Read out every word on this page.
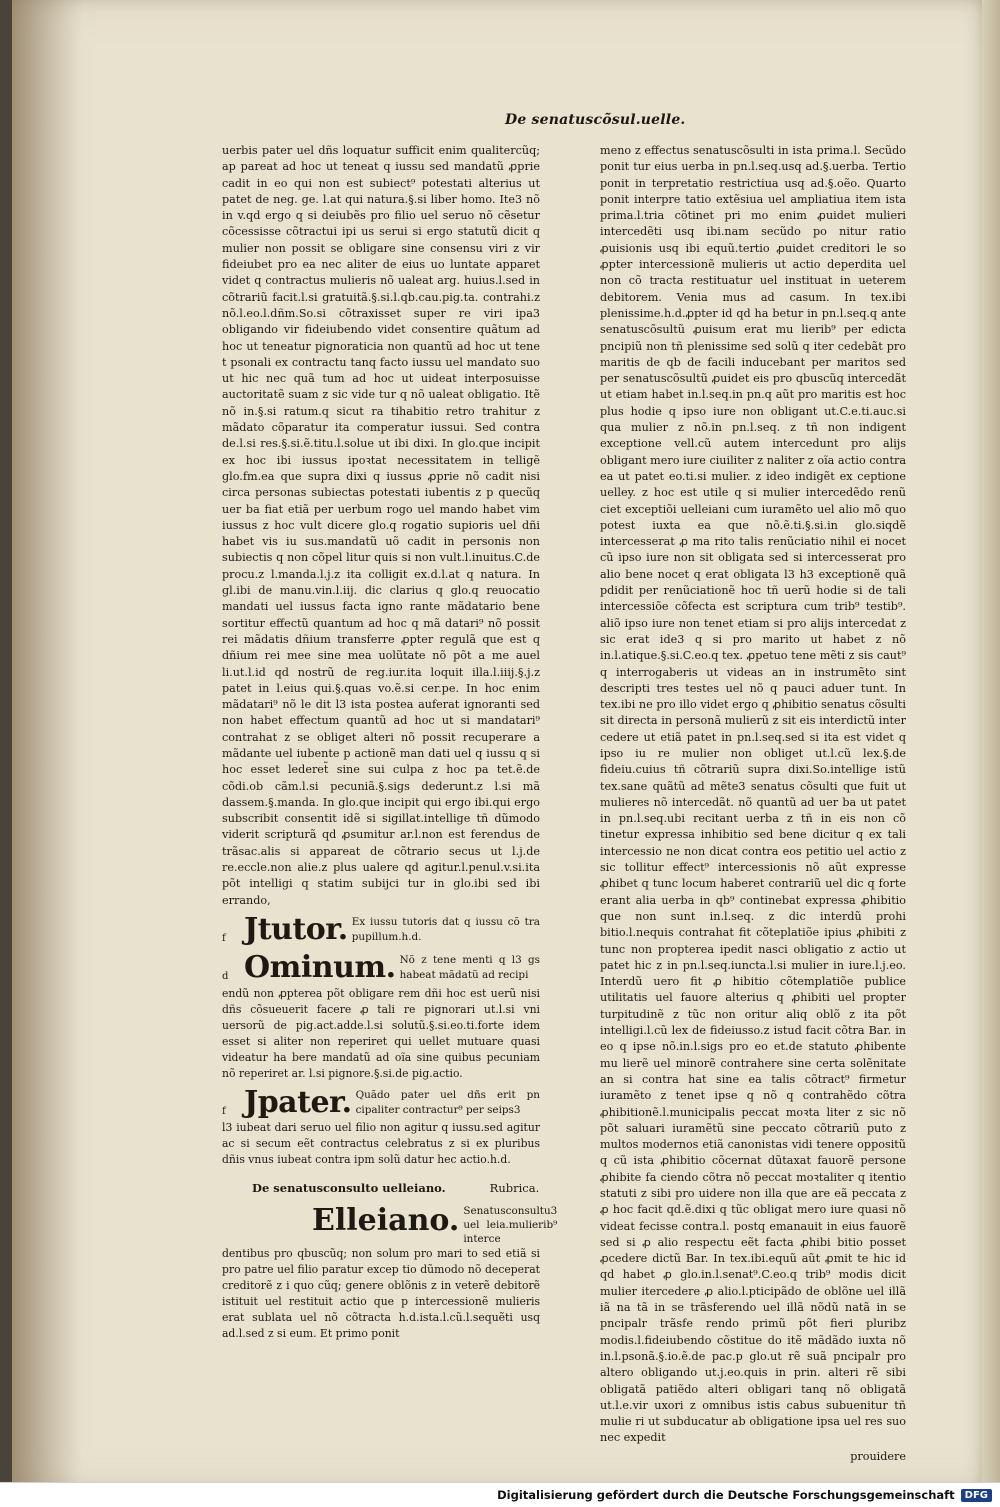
De senatuscõsul.uelle.

uerbis pater uel dñs loquatur sufficit enim qualitercũq; ap pareat ad hoc ut teneat q iussu sed mandatũ ꝓprie cadit in eo qui non est subiect⁹ potestati alterius ut patet de neg. ge. l.at qui natura.§.si liber homo. Ite3 nõ in v.qd ergo q si deiubẽs pro filio uel seruo nõ cẽsetur cõcessisse cõtractui ipi us serui si ergo statutũ dicit q mulier non possit se obligare sine consensu viri z vir fideiubet pro ea nec aliter de eius uo luntate apparet videt q contractus mulieris nõ ualeat arg. huius.l.sed in cõtrariũ facit.l.si gratuitã.§.si.l.qb.cau.pig.ta. contrahi.z nõ.l.eo.l.dñm.So.si cõtraxisset super re viri ipa3 obligando vir fideiubendo videt consentire quãtum ad hoc ut teneatur pignoraticia non quantũ ad hoc ut tene t psonali ex contractu tanq facto iussu uel mandato suo ut hic nec quã tum ad hoc ut uideat interposuisse auctoritatẽ suam z sic vide tur q nõ ualeat obligatio. Itẽ nõ in.§.si ratum.q sicut ra tihabitio retro trahitur z mãdato cõparatur ita comperatur iussui. Sed contra de.l.si res.§.si.ẽ.titu.l.solue ut ibi dixi. In glo.que incipit ex hoc ibi iussus ipoꝛtat necessitatem in telligẽ glo.fm.ea que supra dixi q iussus ꝓprie nõ cadit nisi circa personas subiectas potestati iubentis z p quecũq uer ba fiat etiã per uerbum rogo uel mando habet vim iussus z hoc vult dicere glo.q rogatio supioris uel dñi habet vis iu sus.mandatũ uõ cadit in personis non subiectis q non cõpel litur quis si non vult.l.inuitus.C.de procu.z l.manda.l.j.z ita colligit ex.d.l.at q natura. In gl.ibi de manu.vin.l.iij. dic clarius q glo.q reuocatio mandati uel iussus facta igno rante mãdatario bene sortitur effectũ quantum ad hoc q mã datari⁹ nõ possit rei mãdatis dñium transferre ꝓpter regulã que est q dñium rei mee sine mea uolũtate nõ põt a me auel li.ut.l.id qd nostrũ de reg.iur.ita loquit illa.l.iiij.§.j.z patet in l.eius qui.§.quas vo.ẽ.si cer.pe. In hoc enim mãdatari⁹ nõ le dit l3 ista postea auferat ignoranti sed non habet effectum quantũ ad hoc ut si mandatari⁹ contrahat z se obliget alteri nõ possit recuperare a mãdante uel iubente p actionẽ man dati uel q iussu q si hoc esset lederet̃ sine sui culpa z hoc pa tet.ẽ.de cõdi.ob cãm.l.si pecuniã.§.sigs dederunt.z l.si mã dassem.§.manda. In glo.que incipit qui ergo ibi.qui ergo subscribit consentit idẽ si sigillat.intellige tñ dũmodo viderit scripturã qd ꝓsumitur ar.l.non est ferendus de trãsac.alis si appareat de cõtrario secus ut l.j.de re.eccle.non alie.z plus ualere qd agitur.l.penul.v.si.ita põt intelligi q statim subijci tur in glo.ibi sed ibi errando,

f Jtutor. Ex iussu tutoris dat q iussu cõ tra pupillum.h.d.
d Ominum. Nõ z tene menti q l3 gs habeat mãdatũ ad recipi

endũ non ꝓpterea põt obligare rem dñi hoc est uerũ nisi dñs cõsueuerit facere ꝓ tali re pignorari ut.l.si vni uersorũ de pig.act.adde.l.si solutũ.§.si.eo.ti.forte idem esset si aliter non reperiret qui uellet mutuare quasi videatur ha bere mandatũ ad oĩa sine quibus pecuniam nõ reperiret ar. l.si pignore.§.si.de pig.actio.

f Jpater. Quãdo pater uel dñs erit pn cipaliter contractur⁹ per seips3

l3 iubeat dari seruo uel filio non agitur q iussu.sed agitur ac si secum eẽt contractus celebratus z si ex pluribus dñis vnus iubeat contra ipm solũ datur hec actio.h.d.

De senatusconsulto uelleiano.	Rubrica.
Elleiano. Senatusconsultu3 uel leia.mulierib⁹ interce

dentibus pro qbuscũq; non solum pro mari to sed etiã si pro patre uel filio paratur excep tio dũmodo nõ deceperat creditorẽ z i quo cũq; genere oblõnis z in veterẽ debitorẽ istituit uel restituit actio que p intercessionẽ mulieris erat sublata uel nõ cõtracta h.d.ista.l.cũ.l.sequẽti usq ad.l.sed z si eum. Et primo ponit

meno z effectus senatuscõsulti in ista prima.l. Secũdo ponit tur eius uerba in pn.l.seq.usq ad.§.uerba. Tertio ponit in terpretatio restrictiua usq ad.§.oẽo. Quarto ponit interpre tatio extẽsiua uel ampliatiua item ista prima.l.tria cõtinet pri mo enim ꝓuidet mulieri intercedẽti usq ibi.nam secũdo po nitur ratio ꝓuisionis usq ibi equũ.tertio ꝓuidet creditori le so ꝓpter intercessionẽ mulieris ut actio deperdita uel non cõ tracta restituatur uel instituat in ueterem debitorem. Venia mus ad casum. In tex.ibi plenissime.h.d.ꝓpter id qd ha betur in pn.l.seq.q ante senatuscõsultũ ꝓuisum erat mu lierib⁹ per edicta pncipiũ non tñ plenissime sed solũ q iter cedebãt pro maritis de qb de facili inducebant per maritos sed per senatuscõsultũ ꝓuidet eis pro qbuscũq intercedãt ut etiam habet in.l.seq.in pn.q aũt pro maritis est hoc plus hodie q ipso iure non obligant ut.C.e.ti.auc.si qua mulier z nõ.in pn.l.seq. z tñ non indigent exceptione vell.cũ autem intercedunt pro alijs obligant mero iure ciuiliter z naliter z oĩa actio contra ea ut patet eo.ti.si mulier. z ideo indigẽt ex ceptione uelley. z hoc est utile q si mulier intercedẽdo renũ ciet exceptiõi uelleiani cum iuramẽto uel alio mõ quo potest iuxta ea que nõ.ẽ.ti.§.si.in glo.siqdẽ intercesserat ꝓ ma rito talis renũciatio nihil ei nocet cũ ipso iure non sit obligata sed si intercesserat pro alio bene nocet q erat obligata l3 h3 exceptionẽ quã pdidit per renũciationẽ hoc tñ uerũ hodie si de tali intercessiõe cõfecta est scriptura cum trib⁹ testib⁹. aliõ ipso iure non tenet etiam si pro alijs intercedat z sic erat ide3 q si pro marito ut habet z nõ in.l.atique.§.si.C.eo.q tex. ꝓpetuo tene mẽti z sis caut⁹ q interrogaberis ut videas an in instrumẽto sint descripti tres testes uel nõ q pauci aduer tunt. In tex.ibi ne pro illo videt ergo q ꝓhibitio senatus cõsulti sit directa in personã mulierũ z sit eis interdictũ inter cedere ut etiã patet in pn.l.seq.sed si ita est videt q ipso iu re mulier non obliget ut.l.cũ lex.§.de fideiu.cuius tñ cõtrariũ supra dixi.So.intellige istũ tex.sane quãtũ ad mẽte3 senatus cõsulti que fuit ut mulieres nõ intercedãt. nõ quantũ ad uer ba ut patet in pn.l.seq.ubi recitant uerba z tñ in eis non cõ tinetur expressa inhibitio sed bene dicitur q ex tali intercessio ne non dicat contra eos petitio uel actio z sic tollitur effect⁹ intercessionis nõ aũt expresse ꝓhibet q tunc locum haberet contrariũ uel dic q forte erant alia uerba in qb⁹ continebat expressa ꝓhibitio que non sunt in.l.seq. z dic interdũ prohi bitio.l.nequis contrahat fit cõteplatiõe ipius ꝓhibiti z tunc non propterea ipedit nasci obligatio z actio ut patet hic z in pn.l.seq.iuncta.l.si mulier in iure.l.j.eo. Interdũ uero fit ꝓ hibitio cõtemplatiõe publice utilitatis uel fauore alterius q ꝓhibiti uel propter turpitudinẽ z tũc non oritur aliq oblõ z ita põt intelligi.l.cũ lex de fideiusso.z istud facit cõtra Bar. in eo q ipse nõ.in.l.sigs pro eo et.de statuto ꝓhibente mu lierẽ uel minorẽ contrahere sine certa solẽnitate an si contra hat sine ea talis cõtract⁹ firmetur iuramẽto z tenet ipse q nõ q contrahẽdo cõtra ꝓhibitionẽ.l.municipalis peccat moꝛta liter z sic nõ põt saluari iuramẽtũ sine peccato cõtrariũ puto z multos modernos etiã canonistas vidi tenere oppositũ q cũ ista ꝓhibitio cõcernat dũtaxat fauorẽ persone ꝓhibite fa ciendo cõtra nõ peccat moꝛtaliter q itentio statuti z sibi pro uidere non illa que are eã peccata z ꝓ hoc facit qd.ẽ.dixi q tũc obligat mero iure quasi nõ videat fecisse contra.l. postq emanauit in eius fauorẽ sed si ꝓ alio respectu eẽt facta ꝓhibi bitio posset ꝓcedere dictũ Bar. In tex.ibi.equũ aũt ꝓmit te hic id qd habet ꝓ glo.in.l.senat⁹.C.eo.q trib⁹ modis dicit mulier itercedere ꝓ alio.l.pticipãdo de oblõne uel illã iã na tã in se trãsferendo uel illã nõdũ natã in se pncipalr trãsfe rendo primũ põt fieri pluribz modis.l.fideiubendo cõstitue do itẽ mãdãdo iuxta nõ in.l.psonã.§.io.ẽ.de pac.p glo.ut rẽ suã pncipalr pro altero obligando ut.j.eo.quis in prin. alteri rẽ sibi obligatã patiẽdo alteri obligari tanq nõ obligatã ut.l.e.vir uxori z omnibus istis cabus subuenitur tñ mulie ri ut subducatur ab obligatione ipsa uel res suo nec expedit

prouidere

Digitalisierung gefördert durch die Deutsche Forschungsgemeinschaft	DFG
